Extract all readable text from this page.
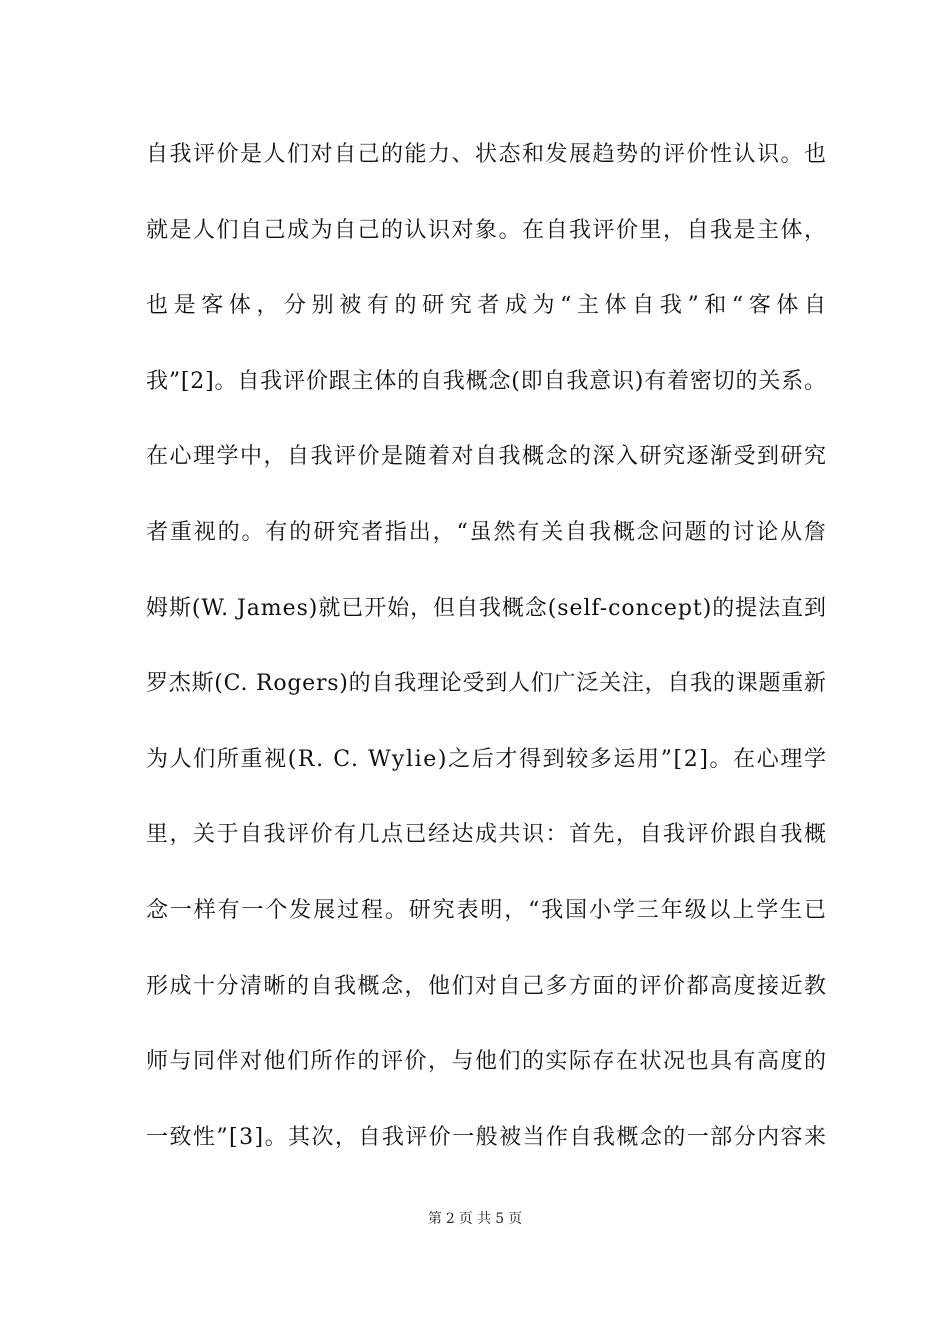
自我评价是人们对自己的能力、状态和发展趋势的评价性认识。也
就是人们自己成为自己的认识对象。在自我评价里，自我是主体，
也是客体，分别被有的研究者成为“主体自我”和“客体自
我”[2]。自我评价跟主体的自我概念(即自我意识)有着密切的关系。
在心理学中，自我评价是随着对自我概念的深入研究逐渐受到研究
者重视的。有的研究者指出，“虽然有关自我概念问题的讨论从詹
姆斯(W. James)就已开始，但自我概念(self-concept)的提法直到
罗杰斯(C. Rogers)的自我理论受到人们广泛关注，自我的课题重新
为人们所重视(R. C. Wylie)之后才得到较多运用”[2]。在心理学
里，关于自我评价有几点已经达成共识：首先，自我评价跟自我概
念一样有一个发展过程。研究表明，“我国小学三年级以上学生已
形成十分清晰的自我概念，他们对自己多方面的评价都高度接近教
师与同伴对他们所作的评价，与他们的实际存在状况也具有高度的
一致性”[3]。其次，自我评价一般被当作自我概念的一部分内容来
第 2 页 共 5 页
